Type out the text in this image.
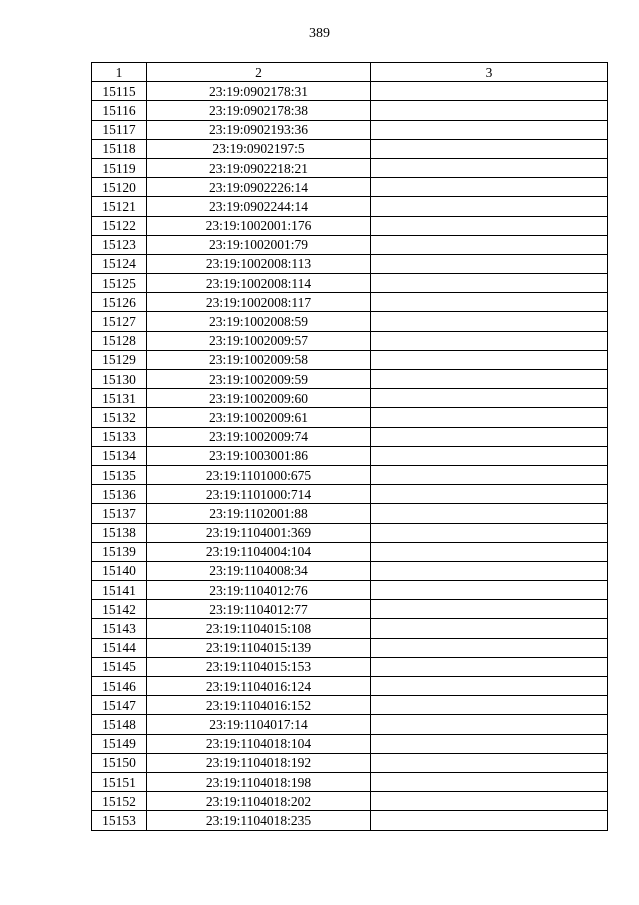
389
1	2	3
15115	23:19:0902178:31	
15116	23:19:0902178:38	
15117	23:19:0902193:36	
15118	23:19:0902197:5	
15119	23:19:0902218:21	
15120	23:19:0902226:14	
15121	23:19:0902244:14	
15122	23:19:1002001:176	
15123	23:19:1002001:79	
15124	23:19:1002008:113	
15125	23:19:1002008:114	
15126	23:19:1002008:117	
15127	23:19:1002008:59	
15128	23:19:1002009:57	
15129	23:19:1002009:58	
15130	23:19:1002009:59	
15131	23:19:1002009:60	
15132	23:19:1002009:61	
15133	23:19:1002009:74	
15134	23:19:1003001:86	
15135	23:19:1101000:675	
15136	23:19:1101000:714	
15137	23:19:1102001:88	
15138	23:19:1104001:369	
15139	23:19:1104004:104	
15140	23:19:1104008:34	
15141	23:19:1104012:76	
15142	23:19:1104012:77	
15143	23:19:1104015:108	
15144	23:19:1104015:139	
15145	23:19:1104015:153	
15146	23:19:1104016:124	
15147	23:19:1104016:152	
15148	23:19:1104017:14	
15149	23:19:1104018:104	
15150	23:19:1104018:192	
15151	23:19:1104018:198	
15152	23:19:1104018:202	
15153	23:19:1104018:235	
